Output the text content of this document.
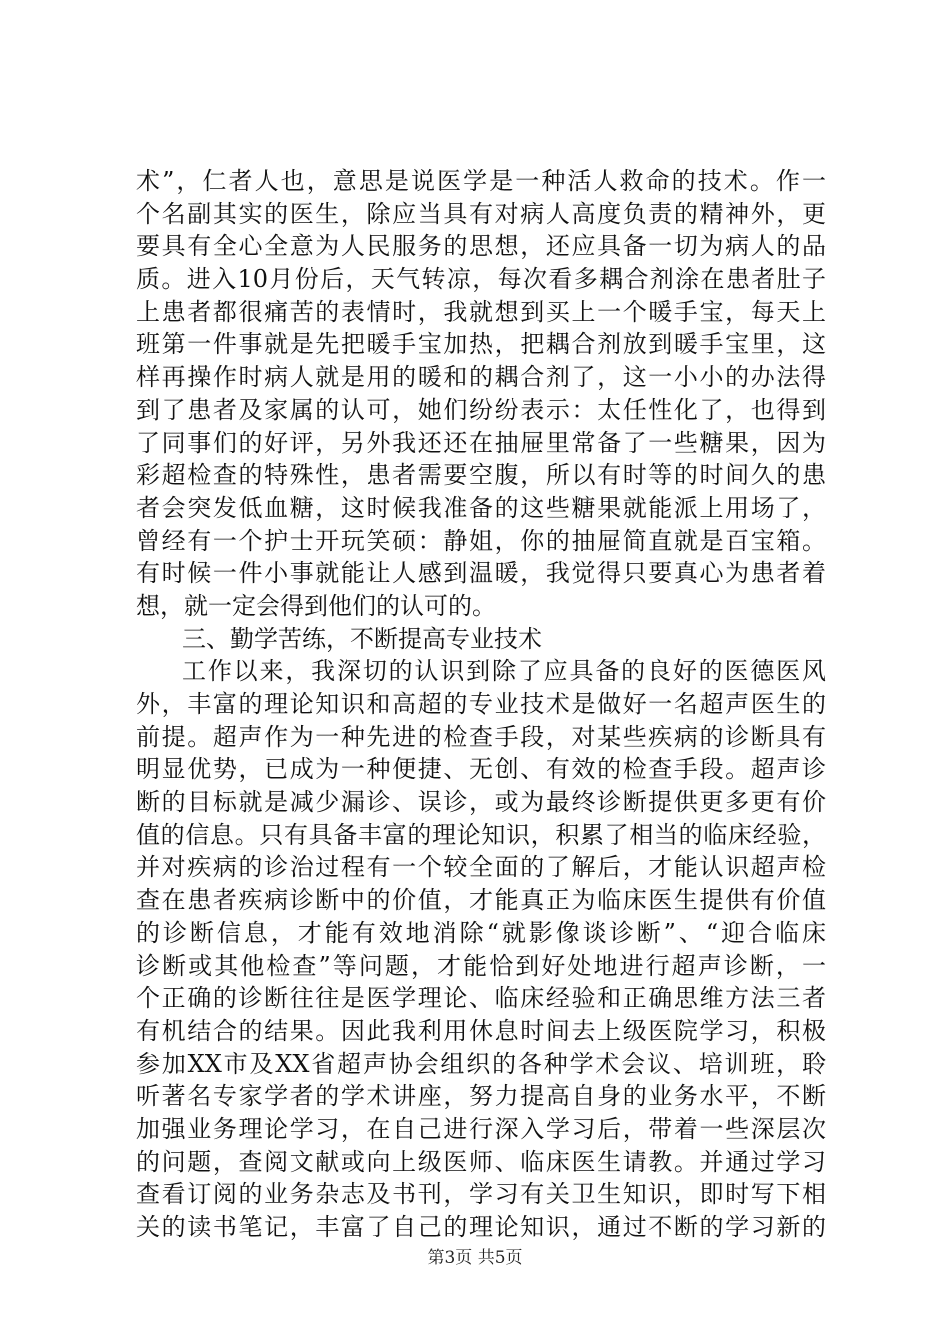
术”，仁者人也，意思是说医学是一种活人救命的技术。作一
个名副其实的医生，除应当具有对病人高度负责的精神外，更
要具有全心全意为人民服务的思想，还应具备一切为病人的品
质。进入10月份后，天气转凉，每次看多耦合剂涂在患者肚子
上患者都很痛苦的表情时，我就想到买上一个暖手宝，每天上
班第一件事就是先把暖手宝加热，把耦合剂放到暖手宝里，这
样再操作时病人就是用的暖和的耦合剂了，这一小小的办法得
到了患者及家属的认可，她们纷纷表示：太任性化了，也得到
了同事们的好评，另外我还还在抽屉里常备了一些糖果，因为
彩超检查的特殊性，患者需要空腹，所以有时等的时间久的患
者会突发低血糖，这时候我准备的这些糖果就能派上用场了，
曾经有一个护士开玩笑硕：静姐，你的抽屉简直就是百宝箱。
有时候一件小事就能让人感到温暖，我觉得只要真心为患者着
想，就一定会得到他们的认可的。
三、勤学苦练，不断提高专业技术
工作以来，我深切的认识到除了应具备的良好的医德医风
外，丰富的理论知识和高超的专业技术是做好一名超声医生的
前提。超声作为一种先进的检查手段，对某些疾病的诊断具有
明显优势，已成为一种便捷、无创、有效的检查手段。超声诊
断的目标就是减少漏诊、误诊，或为最终诊断提供更多更有价
值的信息。只有具备丰富的理论知识，积累了相当的临床经验，
并对疾病的诊治过程有一个较全面的了解后，才能认识超声检
查在患者疾病诊断中的价值，才能真正为临床医生提供有价值
的诊断信息，才能有效地消除“就影像谈诊断”、“迎合临床
诊断或其他检查”等问题，才能恰到好处地进行超声诊断，一
个正确的诊断往往是医学理论、临床经验和正确思维方法三者
有机结合的结果。因此我利用休息时间去上级医院学习，积极
参加XX市及XX省超声协会组织的各种学术会议、培训班，聆
听著名专家学者的学术讲座，努力提高自身的业务水平，不断
加强业务理论学习，在自己进行深入学习后，带着一些深层次
的问题，查阅文献或向上级医师、临床医生请教。并通过学习
查看订阅的业务杂志及书刊，学习有关卫生知识，即时写下相
关的读书笔记，丰富了自己的理论知识，通过不断的学习新的
第3页 共5页
